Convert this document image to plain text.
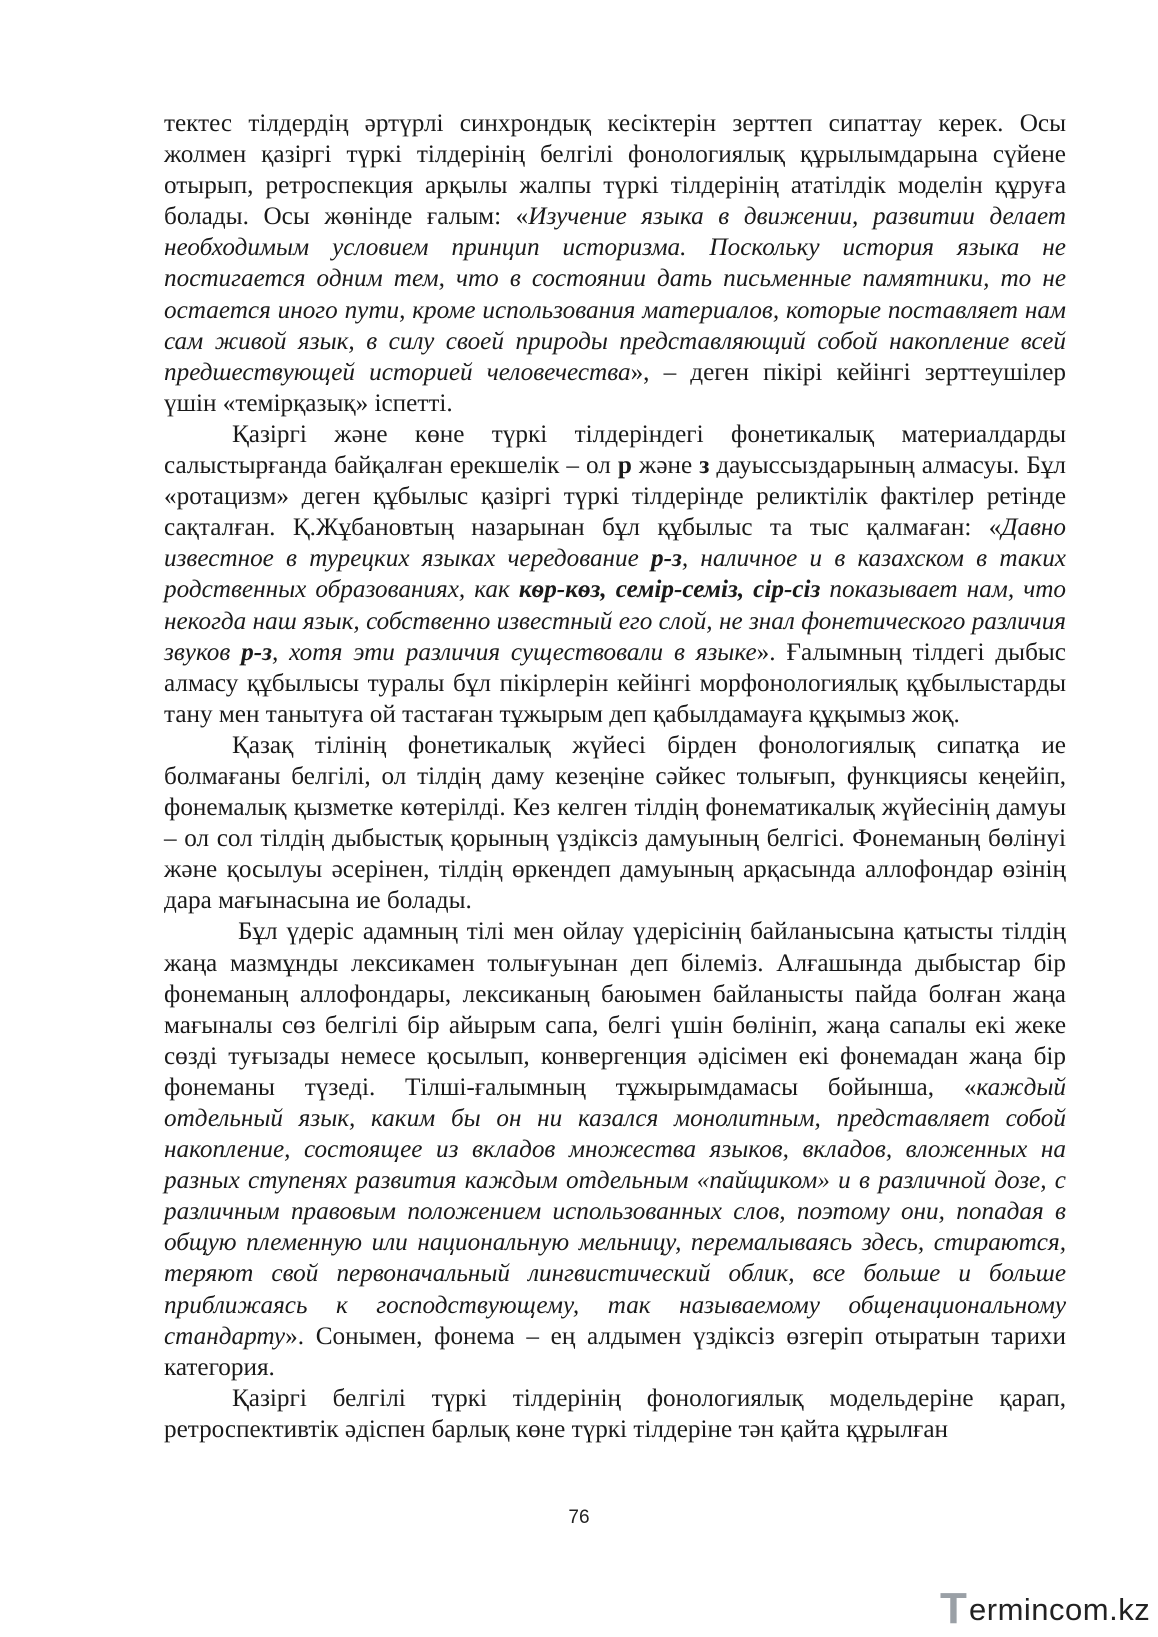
тектес тілдердің әртүрлі синхрондық кесіктерін зерттеп сипаттау керек. Осы жолмен қазіргі түркі тілдерінің белгілі фонологиялық құрылымдарына сүйене отырып, ретроспекция арқылы жалпы түркі тілдерінің ататілдік моделін құруға болады. Осы жөнінде ғалым: «Изучение языка в движении, развитии делает необходимым условием принцип историзма. Поскольку история языка не постигается одним тем, что в состоянии дать письменные памятники, то не остается иного пути, кроме использования материалов, которые поставляет нам сам живой язык, в силу своей природы представляющий собой накопление всей предшествующей историей человечества», – деген пікірі кейінгі зерттеушілер үшін «темірқазық» іспетті.

Қазіргі және көне түркі тілдеріндегі фонетикалық материалдарды салыстырғанда байқалған ерекшелік – ол р және з дауыссыздарының алмасуы. Бұл «ротацизм» деген құбылыс қазіргі түркі тілдерінде реликтілік фактілер ретінде сақталған. Қ.Жұбановтың назарынан бұл құбылыс та тыс қалмаған: «Давно известное в турецких языках чередование р-з, наличное и в казахском в таких родственных образованиях, как кѳр-кѳз, семір-семіз, сір-сіз показывает нам, что некогда наш язык, собственно известный его слой, не знал фонетического различия звуков р-з, хотя эти различия существовали в языке». Ғалымның тілдегі дыбыс алмасу құбылысы туралы бұл пікірлерін кейінгі морфонологиялық құбылыстарды тану мен танытуға ой тастаған тұжырым деп қабылдамауға құқымыз жоқ.

Қазақ тілінің фонетикалық жүйесі бірден фонологиялық сипатқа ие болмағаны белгілі, ол тілдің даму кезеңіне сәйкес толығып, функциясы кеңейіп, фонемалық қызметке көтерілді. Кез келген тілдің фонематикалық жүйесінің дамуы – ол сол тілдің дыбыстық қорының үздіксіз дамуының белгісі. Фонеманың бөлінуі және қосылуы әсерінен, тілдің өркендеп дамуының арқасында аллофондар өзінің дара мағынасына ие болады.

Бұл үдеріс адамның тілі мен ойлау үдерісінің байланысына қатысты тілдің жаңа мазмұнды лексикамен толығуынан деп білеміз. Алғашында дыбыстар бір фонеманың аллофондары, лексиканың баюымен байланысты пайда болған жаңа мағыналы сөз белгілі бір айырым сапа, белгі үшін бөлініп, жаңа сапалы екі жеке сөзді туғызады немесе қосылып, конвергенция әдісімен екі фонемадан жаңа бір фонеманы түзеді. Тілші-ғалымның тұжырымдамасы бойынша, «каждый отдельный язык, каким бы он ни казался монолитным, представляет собой накопление, состоящее из вкладов множества языков, вкладов, вложенных на разных ступенях развития каждым отдельным «пайщиком» и в различной дозе, с различным правовым положением использованных слов, поэтому они, попадая в общую племенную или национальную мельницу, перемалываясь здесь, стираются, теряют свой первоначальный лингвистический облик, все больше и больше приближаясь к господствующему, так называемому общенациональному стандарту». Сонымен, фонема – ең алдымен үздіксіз өзгеріп отыратын тарихи категория.

Қазіргі белгілі түркі тілдерінің фонологиялық модельдеріне қарап, ретроспективтік әдіспен барлық көне түркі тілдеріне тән қайта құрылған

76
T ermincom.kz
